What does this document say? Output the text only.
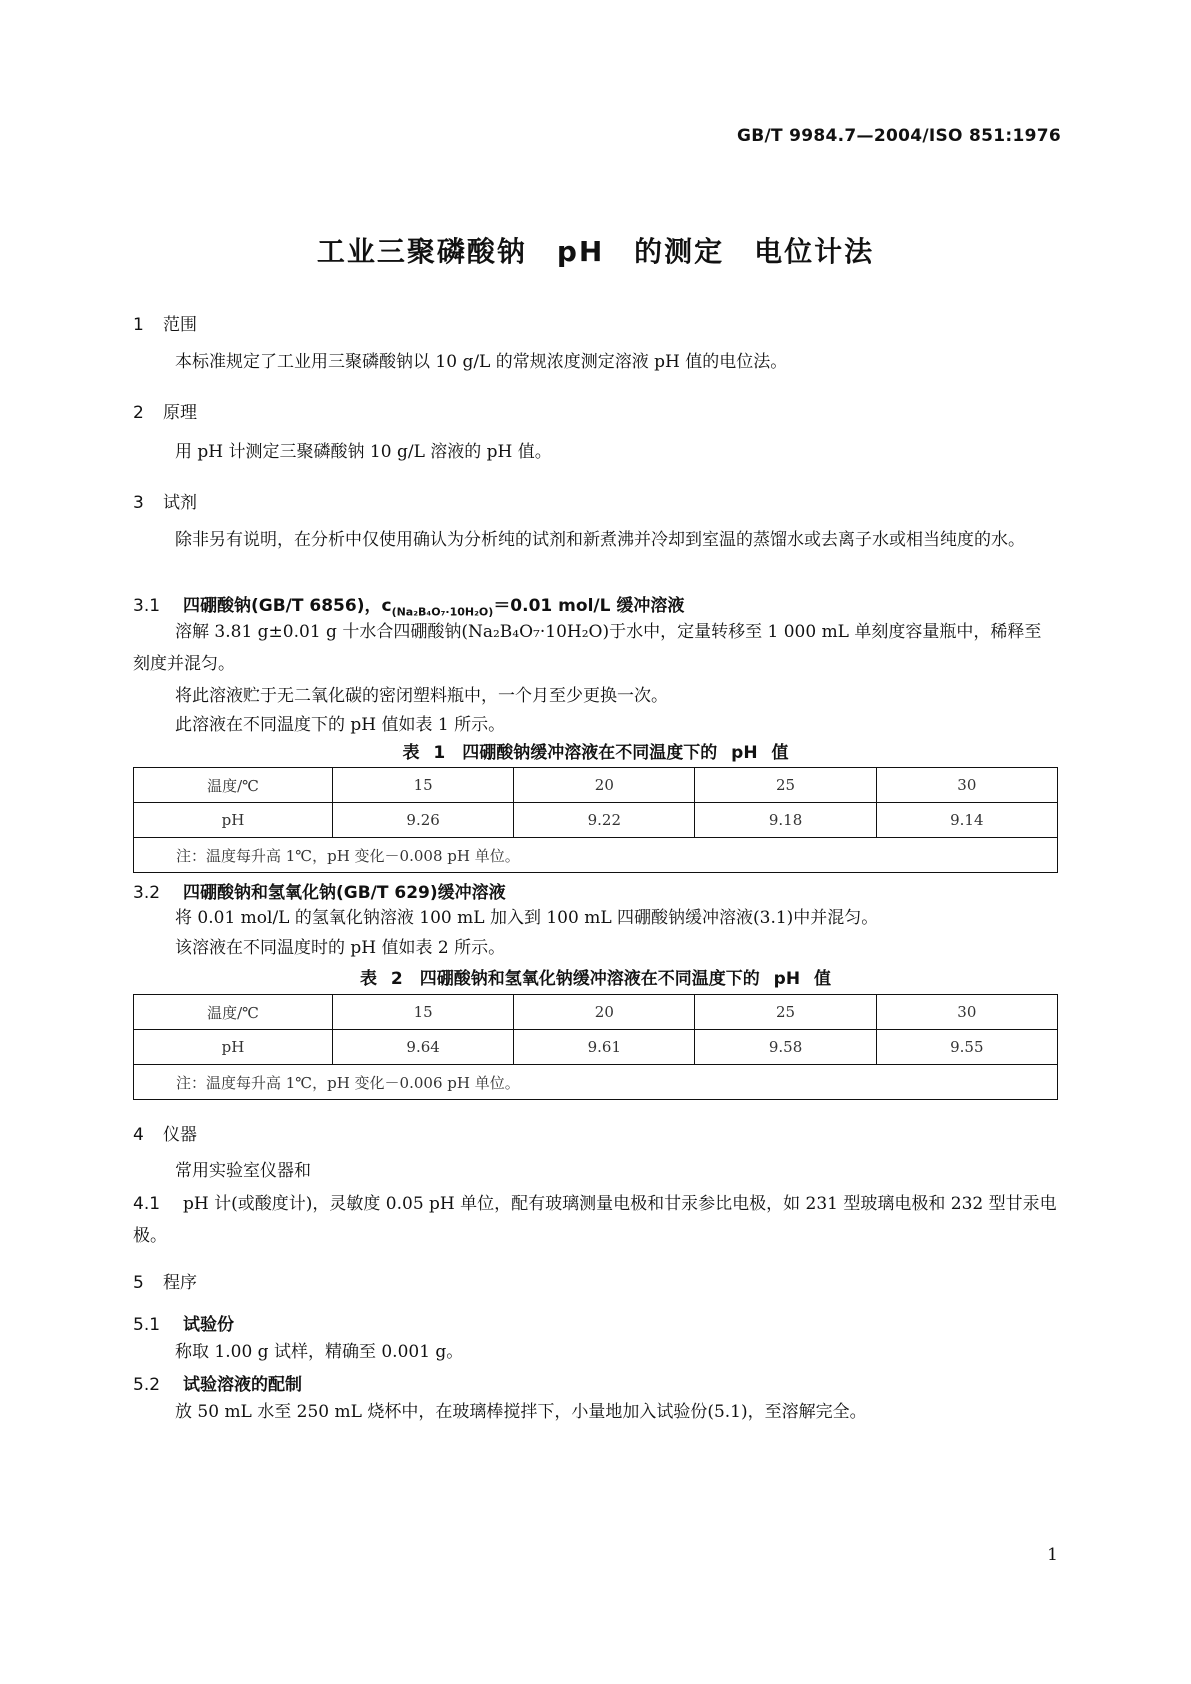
GB/T 9984.7—2004/ISO 851:1976
工业三聚磷酸钠　pH 的测定　电位计法
1 范围
本标准规定了工业用三聚磷酸钠以 10 g/L 的常规浓度测定溶液 pH 值的电位法。
2 原理
用 pH 计测定三聚磷酸钠 10 g/L 溶液的 pH 值。
3 试剂
除非另有说明，在分析中仅使用确认为分析纯的试剂和新煮沸并冷却到室温的蒸馏水或去离子水或相当纯度的水。
3.1 四硼酸钠(GB/T 6856)，$c_{(Na_2B_4O_7\cdot 10H_2O)}=0.01$ mol/L 缓冲溶液
溶解 3.81 g±0.01 g 十水合四硼酸钠(Na₂B₄O₇·10H₂O)于水中，定量转移至 1 000 mL 单刻度容量瓶中，稀释至刻度并混匀。
将此溶液贮于无二氧化碳的密闭塑料瓶中，一个月至少更换一次。
此溶液在不同温度下的 pH 值如表 1 所示。
表 1　四硼酸钠缓冲溶液在不同温度下的 pH 值
温度/℃	15	20	25	30
pH	9.26	9.22	9.18	9.14
注：温度每升高 1℃，pH 变化－0.008 pH 单位。				
3.2 四硼酸钠和氢氧化钠(GB/T 629)缓冲溶液
将 0.01 mol/L 的氢氧化钠溶液 100 mL 加入到 100 mL 四硼酸钠缓冲溶液(3.1)中并混匀。
该溶液在不同温度时的 pH 值如表 2 所示。
表 2　四硼酸钠和氢氧化钠缓冲溶液在不同温度下的 pH 值
温度/℃	15	20	25	30
pH	9.64	9.61	9.58	9.55
注：温度每升高 1℃，pH 变化－0.006 pH 单位。				
4 仪器
常用实验室仪器和
4.1 pH 计(或酸度计)，灵敏度 0.05 pH 单位，配有玻璃测量电极和甘汞参比电极，如 231 型玻璃电极和 232 型甘汞电极。
5 程序
5.1 试验份
称取 1.00 g 试样，精确至 0.001 g。
5.2 试验溶液的配制
放 50 mL 水至 250 mL 烧杯中，在玻璃棒搅拌下，小量地加入试验份(5.1)，至溶解完全。
1
